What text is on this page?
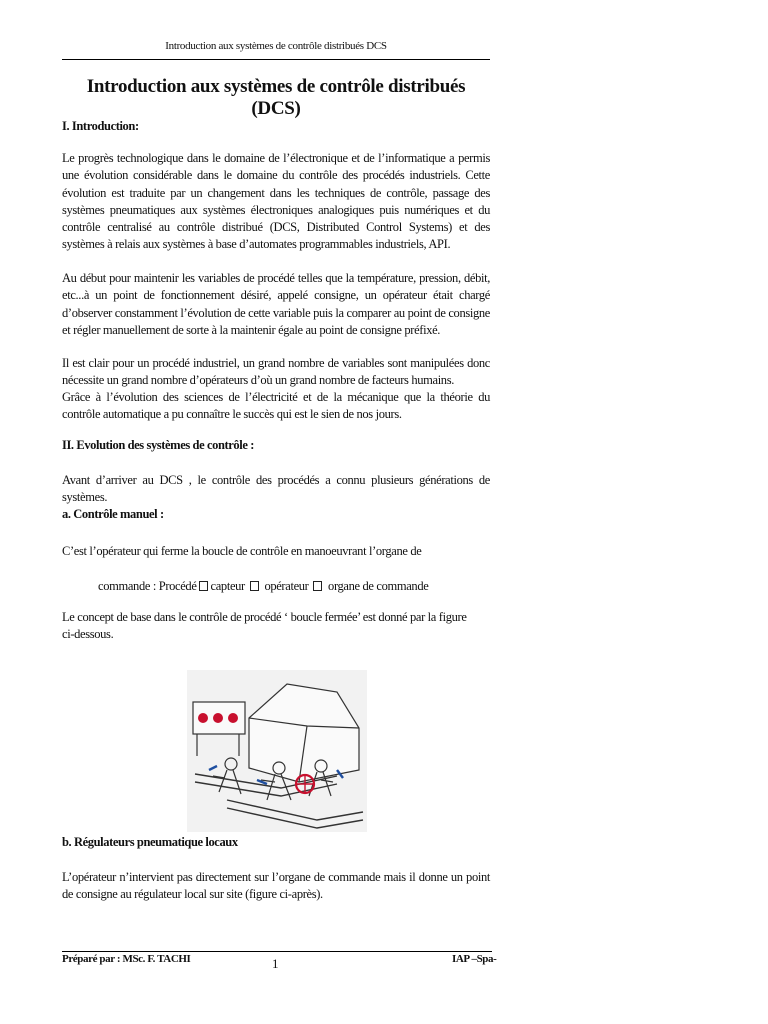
Introduction aux systèmes de contrôle distribués DCS
Introduction aux systèmes de contrôle distribués (DCS)
I. Introduction:
Le progrès technologique dans le domaine de l’électronique et de l’informatique a permis une évolution considérable dans le domaine du contrôle des procédés industriels. Cette évolution est traduite par un changement dans les techniques de contrôle, passage des systèmes pneumatiques aux systèmes électroniques analogiques puis numériques et du contrôle centralisé au contrôle distribué (DCS, Distributed Control Systems) et des systèmes à relais aux systèmes à base d’automates programmables industriels, API.
Au début pour maintenir les variables de procédé telles que la température, pression, débit, etc...à un point de fonctionnement désiré, appelé consigne, un opérateur était chargé d’observer constamment l’évolution de cette variable puis la comparer au point de consigne et régler manuellement de sorte à la maintenir égale au point de consigne préfixé.
Il est clair pour un procédé industriel, un grand nombre de variables sont manipulées donc nécessite un grand nombre d’opérateurs d’où un grand nombre de facteurs humains.
Grâce à l’évolution des sciences de l’électricité et de la mécanique que la théorie du contrôle automatique a pu connaître le succès qui est le sien de nos jours.
II. Evolution des systèmes de contrôle :
Avant d’arriver au DCS , le contrôle des procédés a connu plusieurs générations de systèmes.
a. Contrôle manuel :
C’est l’opérateur qui ferme la boucle de contrôle en manoeuvrant l’organe de
commande : Procédé capteur opérateur organe de commande
Le concept de base dans le contrôle de procédé ‘ boucle fermée’ est donné par la figure
ci-dessous.
b. Régulateurs pneumatique locaux
L’opérateur n’intervient pas directement sur l’organe de commande mais il donne un point de consigne au régulateur local sur site (figure ci-après).
Préparé par : MSc. F. TACHI	1	IAP –Spa-
